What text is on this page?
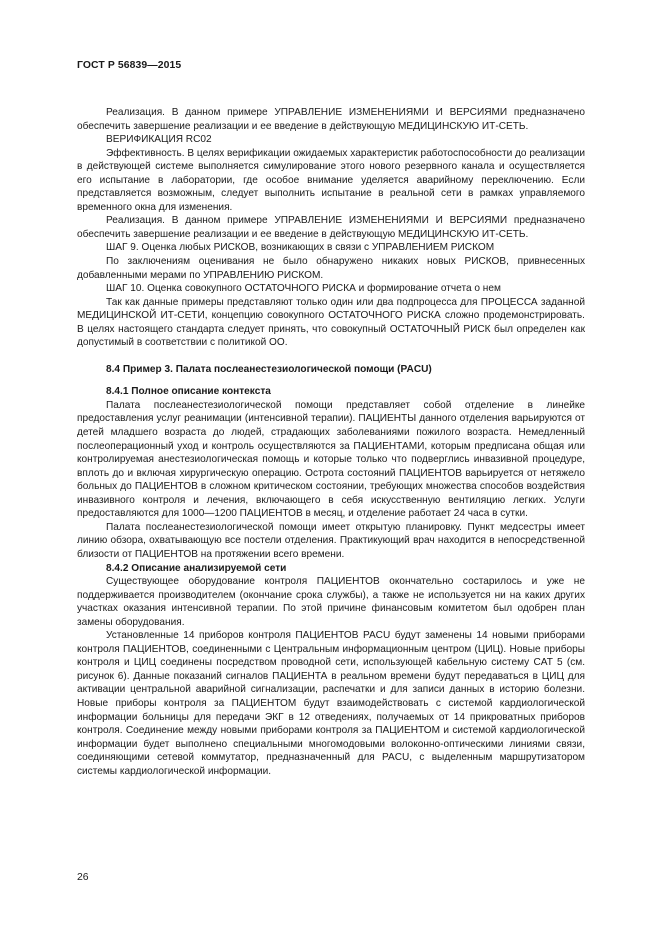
ГОСТ Р 56839—2015

Реализация. В данном примере УПРАВЛЕНИЕ ИЗМЕНЕНИЯМИ И ВЕРСИЯМИ предназначено обеспечить завершение реализации и ее введение в действующую МЕДИЦИНСКУЮ ИТ-СЕТЬ.

ВЕРИФИКАЦИЯ RC02

Эффективность. В целях верификации ожидаемых характеристик работоспособности до реализации в действующей системе выполняется симулирование этого нового резервного канала и осуществляется его испытание в лаборатории, где особое внимание уделяется аварийному переключению. Если представляется возможным, следует выполнить испытание в реальной сети в рамках управляемого временного окна для изменения.

Реализация. В данном примере УПРАВЛЕНИЕ ИЗМЕНЕНИЯМИ И ВЕРСИЯМИ предназначено обеспечить завершение реализации и ее введение в действующую МЕДИЦИНСКУЮ ИТ-СЕТЬ.

ШАГ 9. Оценка любых РИСКОВ, возникающих в связи с УПРАВЛЕНИЕМ РИСКОМ

По заключениям оценивания не было обнаружено никаких новых РИСКОВ, привнесенных добавленными мерами по УПРАВЛЕНИЮ РИСКОМ.

ШАГ 10. Оценка совокупного ОСТАТОЧНОГО РИСКА и формирование отчета о нем

Так как данные примеры представляют только один или два подпроцесса для ПРОЦЕССА заданной МЕДИЦИНСКОЙ ИТ-СЕТИ, концепцию совокупного ОСТАТОЧНОГО РИСКА сложно продемонстрировать. В целях настоящего стандарта следует принять, что совокупный ОСТАТОЧНЫЙ РИСК был определен как допустимый в соответствии с политикой ОО.

8.4 Пример 3. Палата послеанестезиологической помощи (PACU)

8.4.1 Полное описание контекста

Палата послеанестезиологической помощи представляет собой отделение в линейке предоставления услуг реанимации (интенсивной терапии). ПАЦИЕНТЫ данного отделения варьируются от детей младшего возраста до людей, страдающих заболеваниями пожилого возраста. Немедленный послеоперационный уход и контроль осуществляются за ПАЦИЕНТАМИ, которым предписана общая или контролируемая анестезиологическая помощь и которые только что подверглись инвазивной процедуре, вплоть до и включая хирургическую операцию. Острота состояний ПАЦИЕНТОВ варьируется от нетяжело больных до ПАЦИЕНТОВ в сложном критическом состоянии, требующих множества способов воздействия инвазивного контроля и лечения, включающего в себя искусственную вентиляцию легких. Услуги предоставляются для 1000—1200 ПАЦИЕНТОВ в месяц, и отделение работает 24 часа в сутки.

Палата послеанестезиологической помощи имеет открытую планировку. Пункт медсестры имеет линию обзора, охватывающую все постели отделения. Практикующий врач находится в непосредственной близости от ПАЦИЕНТОВ на протяжении всего времени.

8.4.2 Описание анализируемой сети

Существующее оборудование контроля ПАЦИЕНТОВ окончательно состарилось и уже не поддерживается производителем (окончание срока службы), а также не используется ни на каких других участках оказания интенсивной терапии. По этой причине финансовым комитетом был одобрен план замены оборудования.

Установленные 14 приборов контроля ПАЦИЕНТОВ PACU будут заменены 14 новыми приборами контроля ПАЦИЕНТОВ, соединенными с Центральным информационным центром (ЦИЦ). Новые приборы контроля и ЦИЦ соединены посредством проводной сети, использующей кабельную систему CAT 5 (см. рисунок 6). Данные показаний сигналов ПАЦИЕНТА в реальном времени будут передаваться в ЦИЦ для активации центральной аварийной сигнализации, распечатки и для записи данных в историю болезни. Новые приборы контроля за ПАЦИЕНТОМ будут взаимодействовать с системой кардиологической информации больницы для передачи ЭКГ в 12 отведениях, получаемых от 14 прикроватных приборов контроля. Соединение между новыми приборами контроля за ПАЦИЕНТОМ и системой кардиологической информации будет выполнено специальными многомодовыми волоконно-оптическими линиями связи, соединяющими сетевой коммутатор, предназначенный для PACU, с выделенным маршрутизатором системы кардиологической информации.

26
